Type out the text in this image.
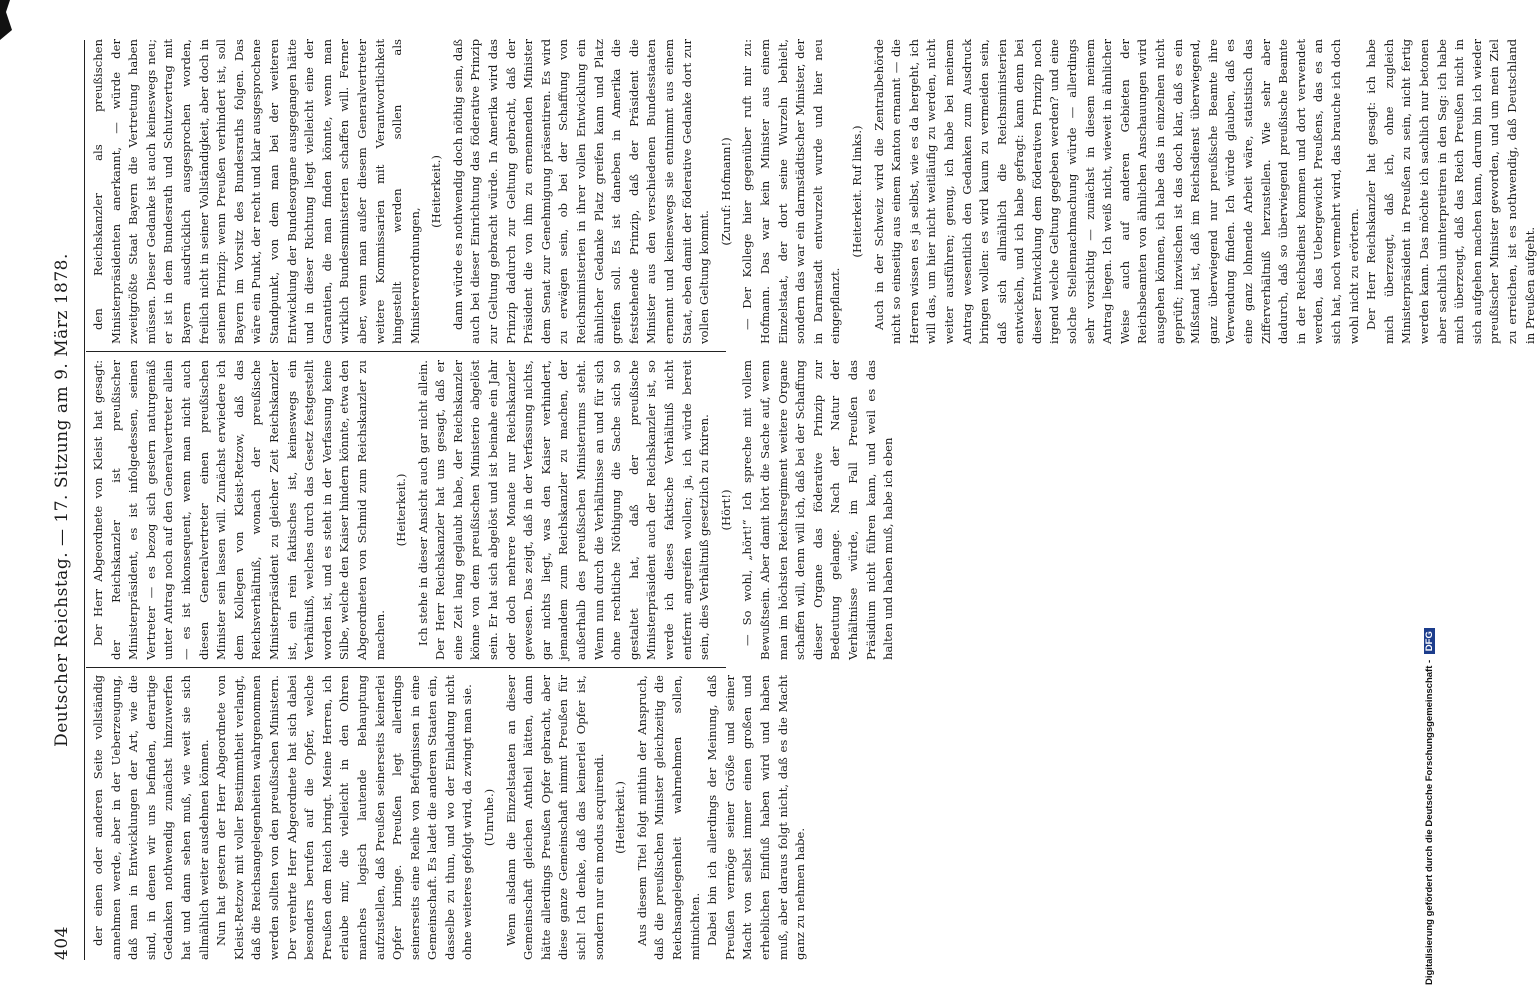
404
Deutscher Reichstag. — 17. Sitzung am 9. März 1878.

der einen oder anderen Seite vollständig annehmen werde, aber in der Ueberzeugung, daß man in Entwicklungen der Art, wie die sind, in denen wir uns befinden, derartige Gedanken nothwendig zunächst hinzuwerfen hat und dann sehen muß, wie weit sie sich allmählich weiter ausdehnen können. Nun hat gestern der Herr Abgeordnete von Kleist-Retzow mit voller Bestimmtheit verlangt, daß die Reichsangelegenheiten wahrgenommen werden sollten von den preußischen Ministern. Der verehrte Herr Abgeordnete hat sich dabei besonders berufen auf die Opfer, welche Preußen dem Reich bringt. Meine Herren, ich erlaube mir, die vielleicht in den Ohren manches logisch lautende Behauptung aufzustellen, daß Preußen seinerseits keinerlei Opfer bringe. Preußen legt allerdings seinerseits eine Reihe von Befugnissen in eine Gemeinschaft. Es ladet die anderen Staaten ein, dasselbe zu thun, und wo der Einladung nicht ohne weiteres gefolgt wird, da zwingt man sie. (Unruhe.) Wenn alsdann die Einzelstaaten an dieser Gemeinschaft gleichen Antheil hätten, dann hätte allerdings Preußen Opfer gebracht, aber diese ganze Gemeinschaft nimmt Preußen für sich! Ich denke, daß das keinerlei Opfer ist, sondern nur ein modus acquirendi. (Heiterkeit.) Aus diesem Titel folgt mithin der Anspruch, daß die preußischen Minister gleichzeitig die Reichsangelegenheit wahrnehmen sollen, mitnichten. Dabei bin ich allerdings der Meinung, daß Preußen vermöge seiner Größe und seiner Macht von selbst immer einen großen und erheblichen Einfluß haben wird und haben muß, aber daraus folgt nicht, daß es die Macht ganz zu nehmen habe.

Der Herr Abgeordnete von Kleist hat gesagt: der Reichskanzler ist preußischer Ministerpräsident, es ist infolgedessen, seinen Vertreter — es bezog sich gestern naturgemäß unter Antrag noch auf den Generalvertreter allein — es ist inkonsequent, wenn man nicht auch diesen Generalvertreter einen preußischen Minister sein lassen will. Zunächst erwiedere ich dem Kollegen von Kleist-Retzow, daß das Reichsverhältniß, wonach der preußische Ministerpräsident zu gleicher Zeit Reichskanzler ist, ein rein faktisches ist, keineswegs ein Verhältniß, welches durch das Gesetz festgestellt worden ist, und es steht in der Verfassung keine Silbe, welche den Kaiser hindern könnte, etwa den Abgeordneten von Schmid zum Reichskanzler zu machen.

(Heiterkeit.) Ich stehe in dieser Ansicht auch gar nicht allein. Der Herr Reichskanzler hat uns gesagt, daß er eine Zeit lang geglaubt habe, der Reichskanzler könne von dem preußischen Ministerio abgelöst sein. Er hat sich abgelöst und ist beinahe ein Jahr oder doch mehrere Monate nur Reichskanzler gewesen. Das zeigt, daß in der Verfassung nichts, gar nichts liegt, was den Kaiser verhindert, jemandem zum Reichskanzler zu machen, der außerhalb des preußischen Ministeriums steht. Wenn nun durch die Verhältnisse an und für sich ohne rechtliche Nöthigung die Sache sich so gestaltet hat, daß der preußische Ministerpräsident auch der Reichskanzler ist, so werde ich dieses faktische Verhältniß nicht entfernt angreifen wollen; ja, ich würde bereit sein, dies Verhältniß gesetzlich zu fixiren. (Hört!) — So wohl, „hört!“ Ich spreche mit vollem Bewußtsein. Aber damit hört die Sache auf, wenn man im höchsten Reichsregiment weitere Organe schaffen will, denn will ich, daß bei der Schaffung dieser Organe das föderative Prinzip zur Bedeutung gelange. Nach der Natur der Verhältnisse würde, im Fall Preußen das Präsidium nicht führen kann, und weil es das halten und haben muß, habe ich eben

den Reichskanzler als preußischen Ministerpräsidenten anerkannt, — würde der zweitgrößte Staat Bayern die Vertretung haben müssen. Dieser Gedanke ist auch keineswegs neu; er ist in dem Bundesrath und Schutzvertrag mit Bayern ausdrücklich ausgesprochen worden, freilich nicht in seiner Vollständigkeit, aber doch in seinem Prinzip: wenn Preußen verhindert ist, soll Bayern im Vorsitz des Bundesraths folgen. Das wäre ein Punkt, der recht und klar ausgesprochene Standpunkt, von dem man bei der weiteren Entwicklung der Bundesorgane ausgegangen hätte und in dieser Richtung liegt vielleicht eine der Garantien, die man finden könnte, wenn man wirklich Bundesministerien schaffen will. Ferner aber, wenn man außer diesem Generalvertreter weitere Kommissarien mit Verantwortlichkeit hingestellt werden sollen als Ministerverordnungen,

(Heiterkeit.) dann würde es nothwendig doch nöthig sein, daß auch bei dieser Einrichtung das föderative Prinzip zur Geltung gebracht würde. In Amerika wird das Prinzip dadurch zur Geltung gebracht, daß der Präsident die von ihm zu ernennenden Minister dem Senat zur Genehmigung präsentiren. Es wird zu erwägen sein, ob bei der Schaffung von Reichsministerien in ihrer vollen Entwicklung ein ähnlicher Gedanke Platz greifen kann und Platz greifen soll. Es ist daneben in Amerika die feststehende Prinzip, daß der Präsident die Minister aus den verschiedenen Bundesstaaten ernennt und keineswegs sie entnimmt aus einem Staat, eben damit der föderative Gedanke dort zur vollen Geltung kommt.

(Zuruf: Hofmann!) — Der Kollege hier gegenüber ruft mir zu: Hofmann. Das war kein Minister aus einem Einzelstaat, der dort seine Wurzeln behielt, sondern das war ein darmstädtischer Minister, der in Darmstadt entwurzelt wurde und hier neu eingepflanzt.

(Heiterkeit. Ruf links.) Auch in der Schweiz wird die Zentralbehörde nicht so einseitig aus einem Kanton ernannt — die Herren wissen es ja selbst, wie es da hergeht, ich will das, um hier nicht weitläufig zu werden, nicht weiter ausführen; genug, ich habe bei meinem Antrag wesentlich den Gedanken zum Ausdruck bringen wollen: es wird kaum zu vermeiden sein, daß sich allmählich die Reichsministerien entwickeln, und ich habe gefragt: kann denn bei dieser Entwicklung dem föderativen Prinzip noch irgend welche Geltung gegeben werden? und eine solche Stellennachmachung würde — allerdings sehr vorsichtig — zunächst in diesem meinem Antrag liegen. Ich weiß nicht, wieweit in ähnlicher Weise auch auf anderen Gebieten der Reichsbeamten von ähnlichen Anschauungen wird ausgehen können, ich habe das in einzelnen nicht geprüft; inzwischen ist das doch klar, daß es ein Mißstand ist, daß im Reichsdienst überwiegend, ganz überwiegend nur preußische Beamte ihre Verwendung finden. Ich würde glauben, daß es eine ganz lohnende Arbeit wäre, statistisch das Zifferverhältniß herzustellen. Wie sehr aber dadurch, daß so überwiegend preußische Beamte in der Reichsdienst kommen und dort verwendet werden, das Uebergewicht Preußens, das es an sich hat, noch vermehrt wird, das brauche ich doch wohl nicht zu erörtern. Der Herr Reichskanzler hat gesagt: ich habe mich überzeugt, daß ich, ohne zugleich Ministerpräsident in Preußen zu sein, nicht fertig werden kann. Das möchte ich sachlich nur betonen aber sachlich uninterpretiren in den Sag: ich habe mich überzeugt, daß das Reich Preußen nicht in sich aufgehen machen kann, darum bin ich wieder preußischer Minister geworden, und um mein Ziel zu erreichen, ist es nothwendig, daß Deutschland in Preußen aufgeht.

Digitalisierung gefördert durch die Deutsche Forschungsgemeinschaft - DFG
